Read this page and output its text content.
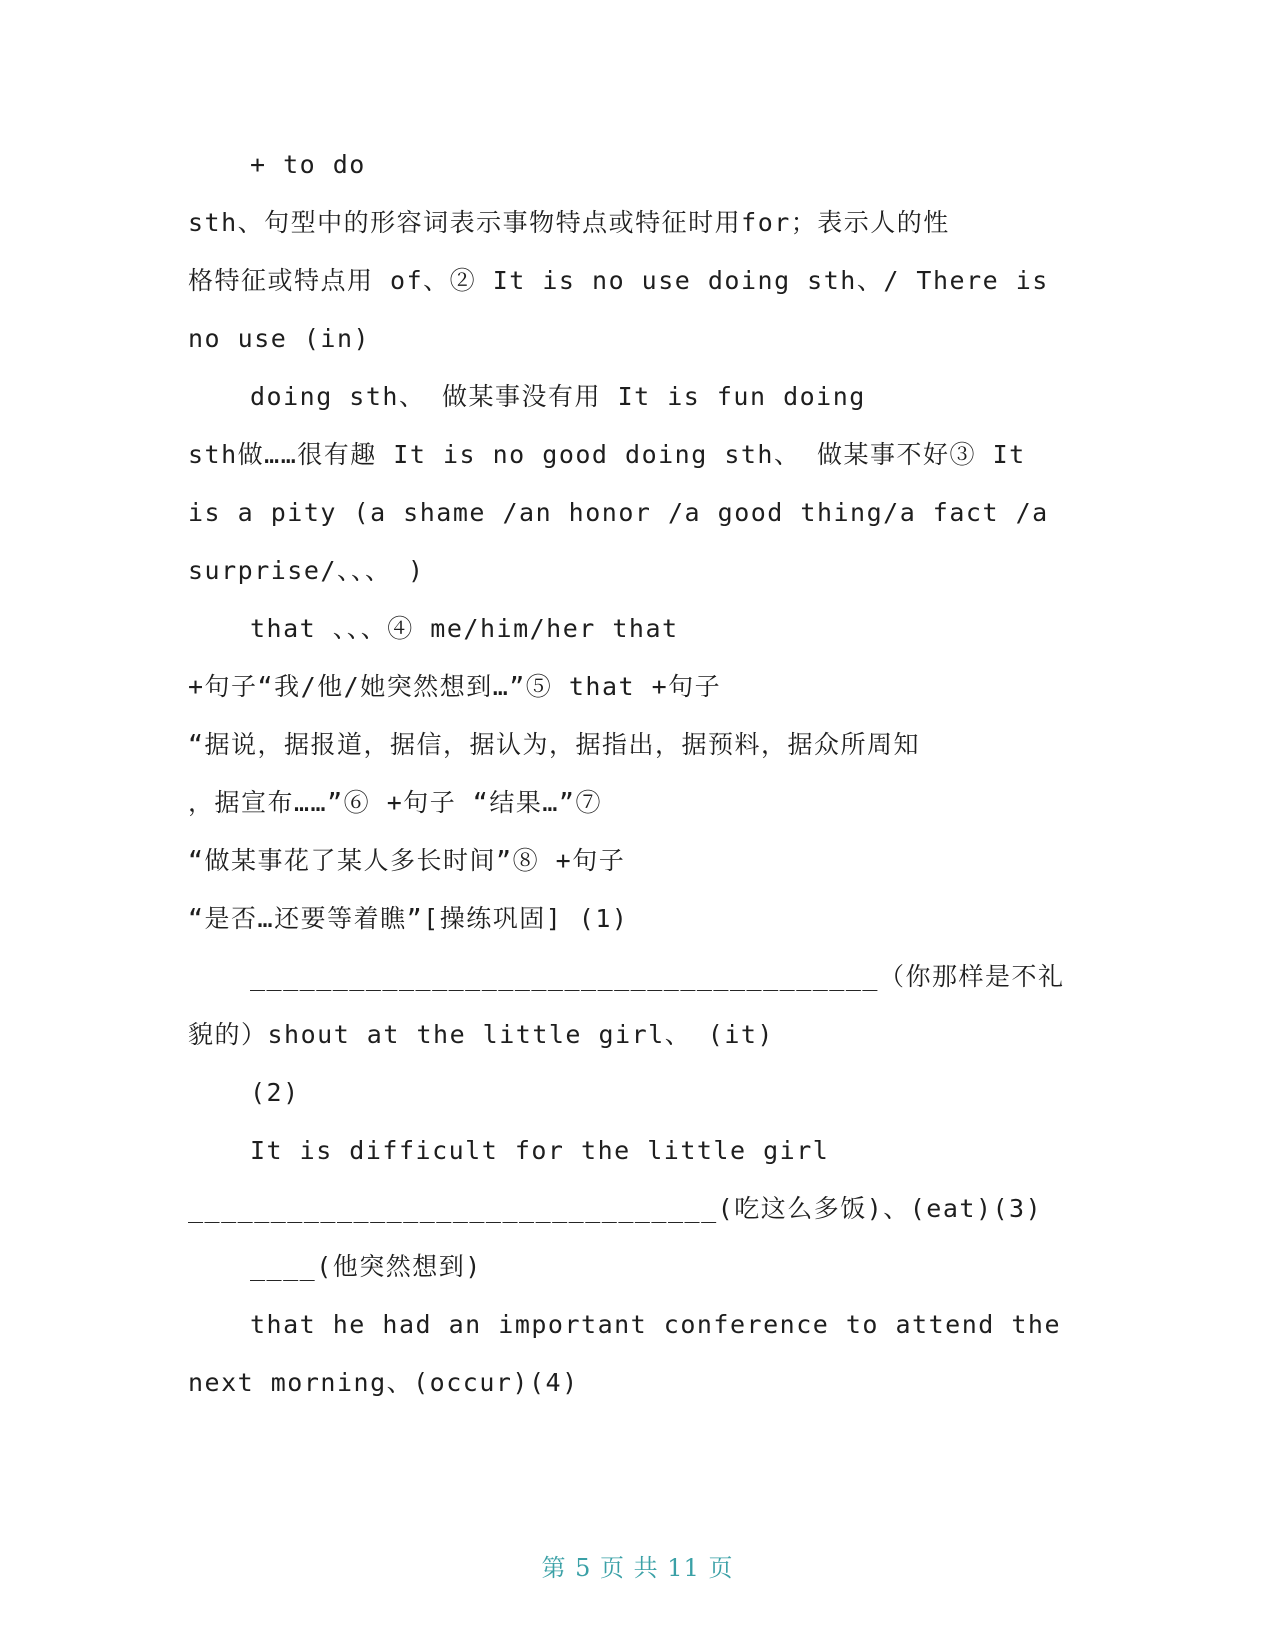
+ to do
sth、句型中的形容词表示事物特点或特征时用for；表示人的性
格特征或特点用 of、② It is no use doing sth、/ There is
no use (in)
doing sth、 做某事没有用 It is fun doing
sth做……很有趣 It is no good doing sth、 做某事不好③ It
is a pity (a shame /an honor /a good thing/a fact /a
surprise/、、、 )
that 、、、④ me/him/her that
+句子“我/他/她突然想到…”⑤ that +句子
“据说，据报道，据信，据认为，据指出，据预料，据众所周知
，据宣布……”⑥ +句子 “结果…”⑦
“做某事花了某人多长时间”⑧ +句子
“是否…还要等着瞧”[操练巩固] (1)
______________________________________（你那样是不礼
貌的）shout at the little girl、 (it)
(2)
It is difficult for the little girl
________________________________(吃这么多饭)、(eat)(3)
____(他突然想到)
that he had an important conference to attend the
next morning、(occur)(4)
第 5 页 共 11 页
